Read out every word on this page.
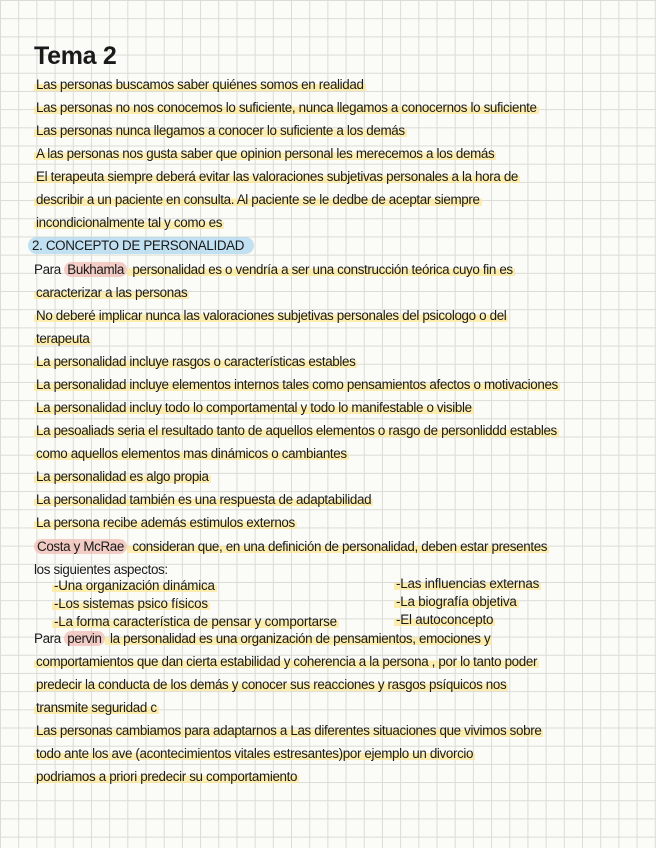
Tema 2
Las personas buscamos saber quiénes somos en realidad
Las personas no nos conocemos lo suficiente, nunca llegamos a conocernos lo suficiente
Las personas nunca llegamos a conocer lo suficiente a los demás
A las personas nos gusta saber que opinion personal les merecemos a los demás
El terapeuta siempre deberá evitar las valoraciones subjetivas personales a la hora de
describir a un paciente en consulta. Al paciente se le dedbe de aceptar siempre
incondicionalmente tal y como es
2. CONCEPTO DE PERSONALIDAD
Para Bukhamla personalidad es o vendría a ser una construcción teórica cuyo fin es
caracterizar a las personas
No deberé implicar nunca las valoraciones subjetivas personales del psicologo o del
terapeuta
La personalidad incluye rasgos o características estables
La personalidad incluye elementos internos tales como pensamientos afectos o motivaciones
La personalidad incluy todo lo comportamental y todo lo manifestable o visible
La pesoaliads seria el resultado tanto de aquellos elementos o rasgo de personliddd estables
como aquellos elementos mas dinámicos o cambiantes
La personalidad es algo propia
La personalidad también es una respuesta de adaptabilidad
La persona recibe además estimulos externos
Costa y McRae consideran que, en una definición de personalidad, deben estar presentes
los siguientes aspectos:
-Una organización dinámica
-Los sistemas psico físicos
-La forma característica de pensar y comportarse
-Las influencias externas
-La biografía objetiva
-El autoconcepto
Para pervin la personalidad es una organización de pensamientos, emociones y
comportamientos que dan cierta estabilidad y coherencia a la persona , por lo tanto poder
predecir la conducta de los demás y conocer sus reacciones y rasgos psíquicos nos
transmite seguridad c
Las personas cambiamos para adaptarnos a Las diferentes situaciones que vivimos sobre
todo ante los ave (acontecimientos vitales estresantes)por ejemplo un divorcio
podriamos a priori predecir su comportamiento
